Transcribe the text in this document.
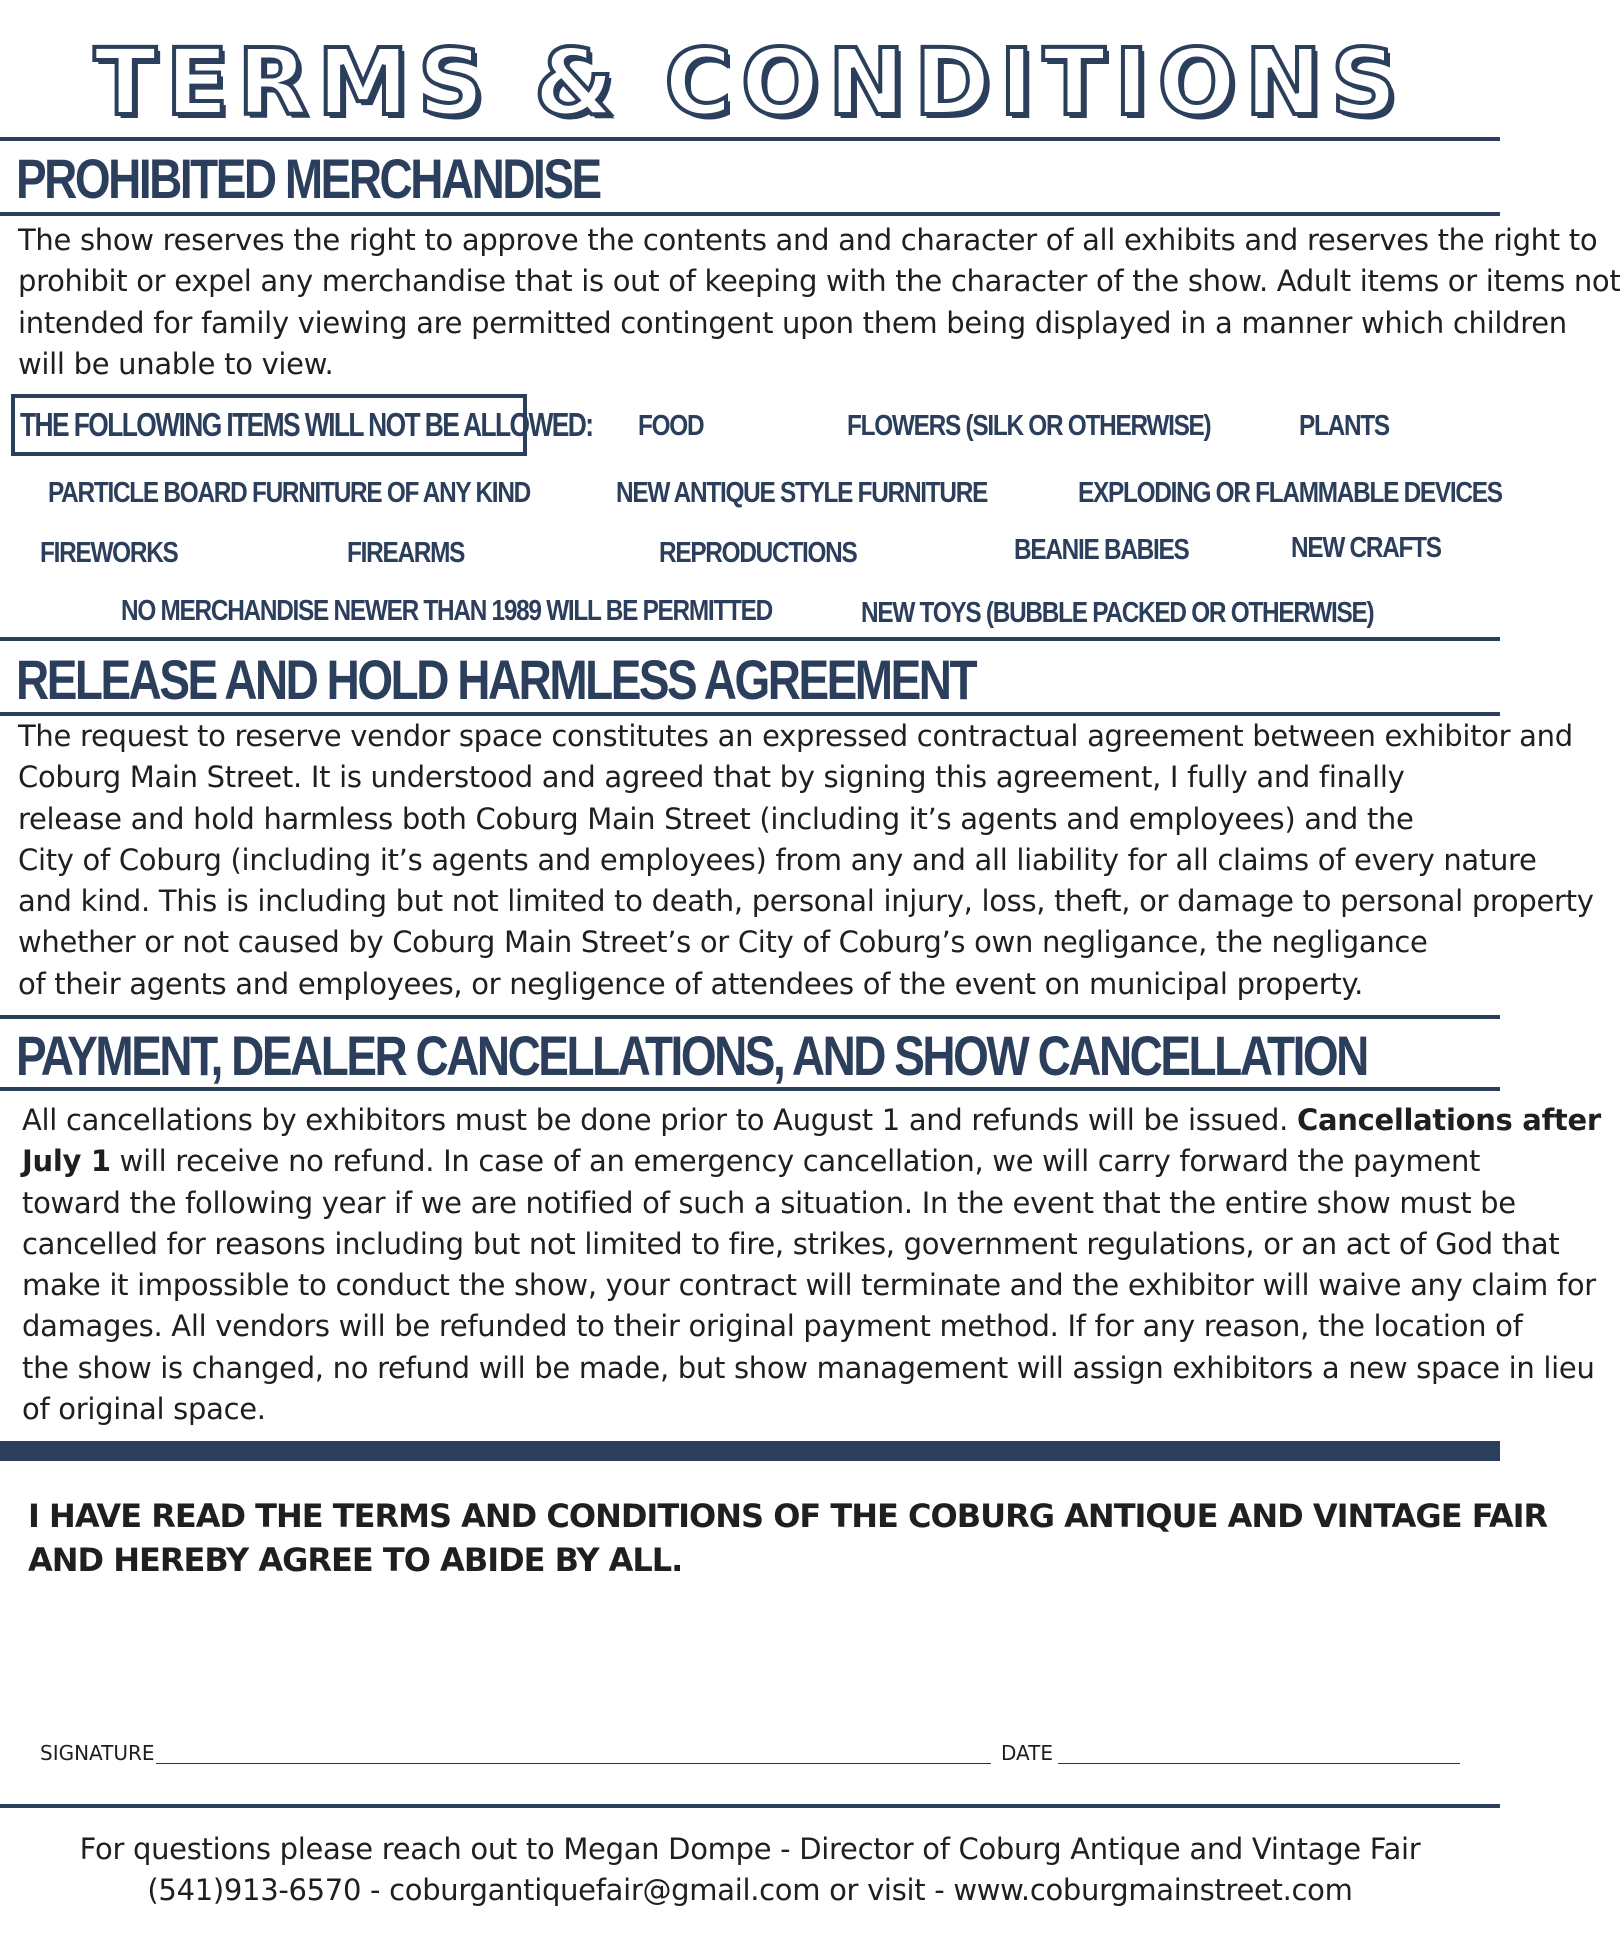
TERMS & CONDITIONS
PROHIBITED MERCHANDISE
The show reserves the right to approve the contents and and character of all exhibits and reserves the right to
prohibit or expel any merchandise that is out of keeping with the character of the show. Adult items or items not
intended for family viewing are permitted contingent upon them being displayed in a manner which children
will be unable to view.
THE FOLLOWING ITEMS WILL NOT BE ALLOWED: FOOD	FLOWERS (SILK OR OTHERWISE)	PLANTS
PARTICLE BOARD FURNITURE OF ANY KIND	NEW ANTIQUE STYLE FURNITURE	EXPLODING OR FLAMMABLE DEVICES
FIREWORKS	FIREARMS	REPRODUCTIONS	BEANIE BABIES	NEW CRAFTS
NO MERCHANDISE NEWER THAN 1989 WILL BE PERMITTED	NEW TOYS (BUBBLE PACKED OR OTHERWISE)
RELEASE AND HOLD HARMLESS AGREEMENT
The request to reserve vendor space constitutes an expressed contractual agreement between exhibitor and
Coburg Main Street. It is understood and agreed that by signing this agreement, I fully and finally
release and hold harmless both Coburg Main Street (including it’s agents and employees) and the
City of Coburg (including it’s agents and employees) from any and all liability for all claims of every nature
and kind. This is including but not limited to death, personal injury, loss, theft, or damage to personal property
whether or not caused by Coburg Main Street’s or City of Coburg’s own negligance, the negligance
of their agents and employees, or negligence of attendees of the event on municipal property.
PAYMENT, DEALER CANCELLATIONS, AND SHOW CANCELLATION
All cancellations by exhibitors must be done prior to August 1 and refunds will be issued. Cancellations after
July 1 will receive no refund. In case of an emergency cancellation, we will carry forward the payment
toward the following year if we are notified of such a situation. In the event that the entire show must be
cancelled for reasons including but not limited to fire, strikes, government regulations, or an act of God that
make it impossible to conduct the show, your contract will terminate and the exhibitor will waive any claim for
damages. All vendors will be refunded to their original payment method. If for any reason, the location of
the show is changed, no refund will be made, but show management will assign exhibitors a new space in lieu
of original space.
I HAVE READ THE TERMS AND CONDITIONS OF THE COBURG ANTIQUE AND VINTAGE FAIR
AND HEREBY AGREE TO ABIDE BY ALL.
SIGNATURE	DATE
For questions please reach out to Megan Dompe - Director of Coburg Antique and Vintage Fair
(541)913-6570 - coburgantiquefair@gmail.com or visit - www.coburgmainstreet.com
